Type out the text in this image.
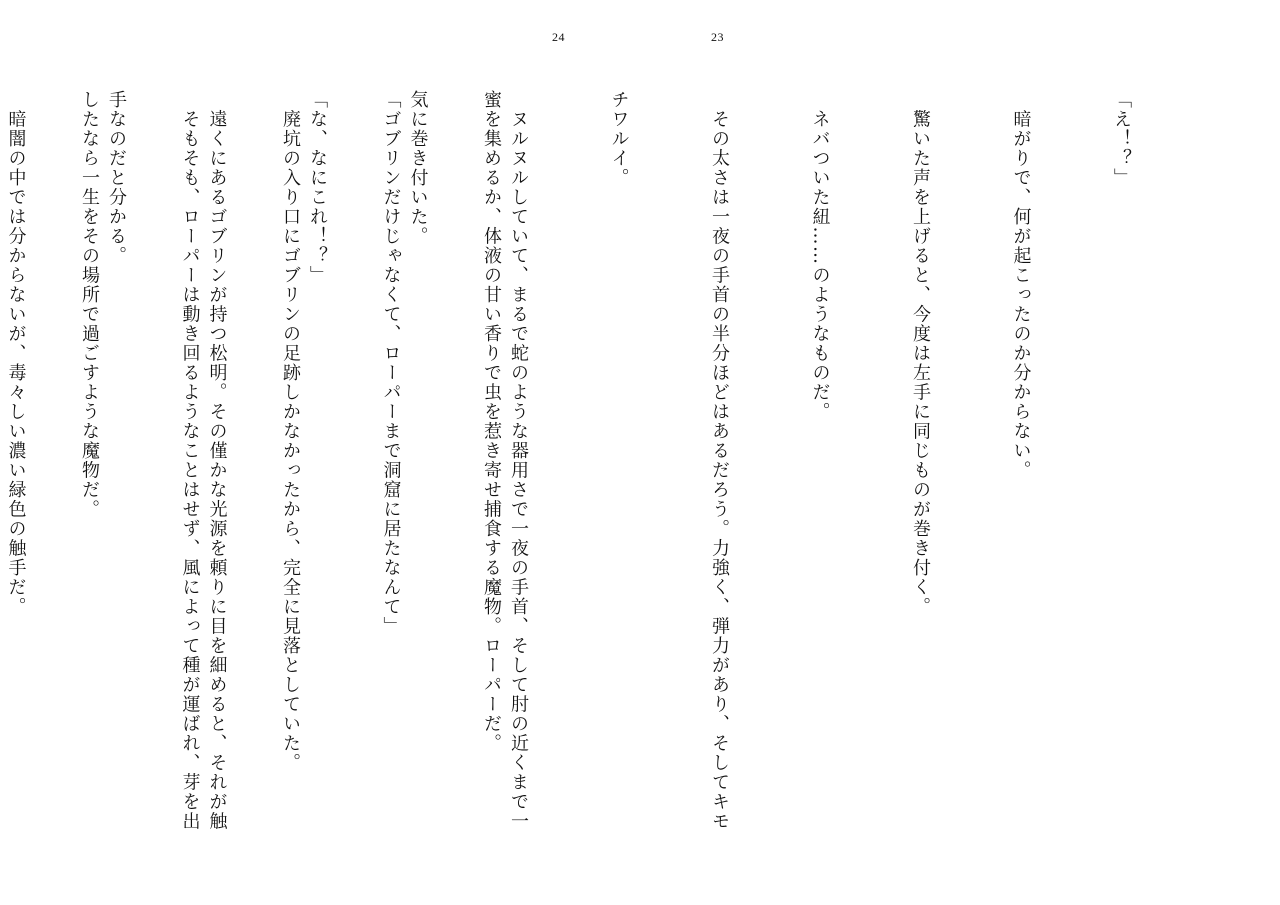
24

蜜を集めるか、体液の甘い香りで虫を惹き寄せ捕食する魔物。ローパーだ。

「ゴブリンだけじゃなくて、ローパーまで洞窟に居たなんて」

　廃坑の入り口にゴブリンの足跡しかなかったから、完全に見落としていた。

　そもそも、ローパーは動き回るようなことはせず、風によって種が運ばれ、芽を出

したなら一生をその場所で過ごすような魔物だ。

23

「え！？」

　暗がりで、何が起こったのか分からない。

　驚いた声を上げると、今度は左手に同じものが巻き付く。

　ネバついた紐……のようなものだ。

　その太さは一夜の手首の半分ほどはあるだろう。力強く、弾力があり、そしてキモ

チワルイ。

　ヌルヌルしていて、まるで蛇のような器用さで一夜の手首、そして肘の近くまで一

気に巻き付いた。

「な、なにこれ！？」

　遠くにあるゴブリンが持つ松明。その僅かな光源を頼りに目を細めると、それが触

手なのだと分かる。

　暗闇の中では分からないが、毒々しい濃い緑色の触手だ。
